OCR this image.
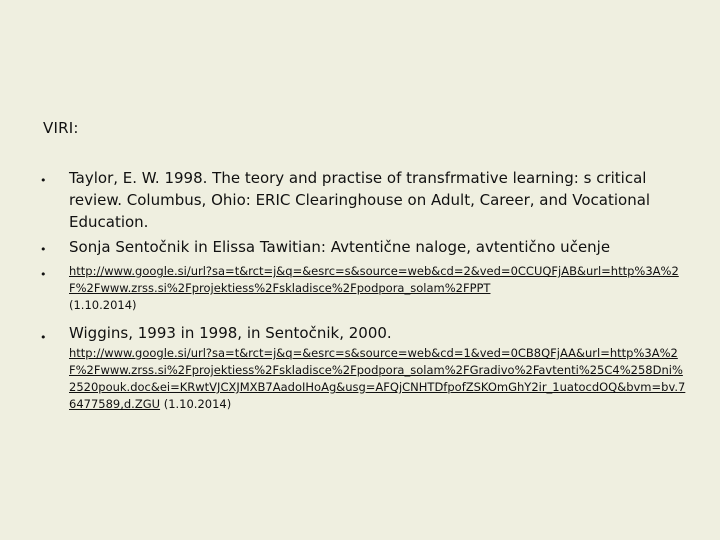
VIRI:
• Taylor, E. W. 1998. The teory and practise of transfrmative learning: s critical review. Columbus, Ohio: ERIC Clearinghouse on Adult, Career, and Vocational Education.
• Sonja Sentočnik in Elissa Tawitian: Avtentične naloge, avtentično učenje
• http://www.google.si/url?sa=t&rct=j&q=&esrc=s&source=web&cd=2&ved=0CCUQFjAB&url=http%3A%2F%2Fwww.zrss.si%2Fprojektiess%2Fskladisce%2Fpodpora_solam%2FPPT
(1.10.2014)
• Wiggins, 1993 in 1998, in Sentočnik, 2000.
http://www.google.si/url?sa=t&rct=j&q=&esrc=s&source=web&cd=1&ved=0CB8QFjAA&url=http%3A%2F%2Fwww.zrss.si%2Fprojektiess%2Fskladisce%2Fpodpora_solam%2FGradivo%2Favtenti%25C4%258Dni%2520pouk.doc&ei=KRwtVJCXJMXB7AadoIHoAg&usg=AFQjCNHTDfpofZSKOmGhY2ir_1uatocdOQ&bvm=bv.76477589,d.ZGU (1.10.2014)
